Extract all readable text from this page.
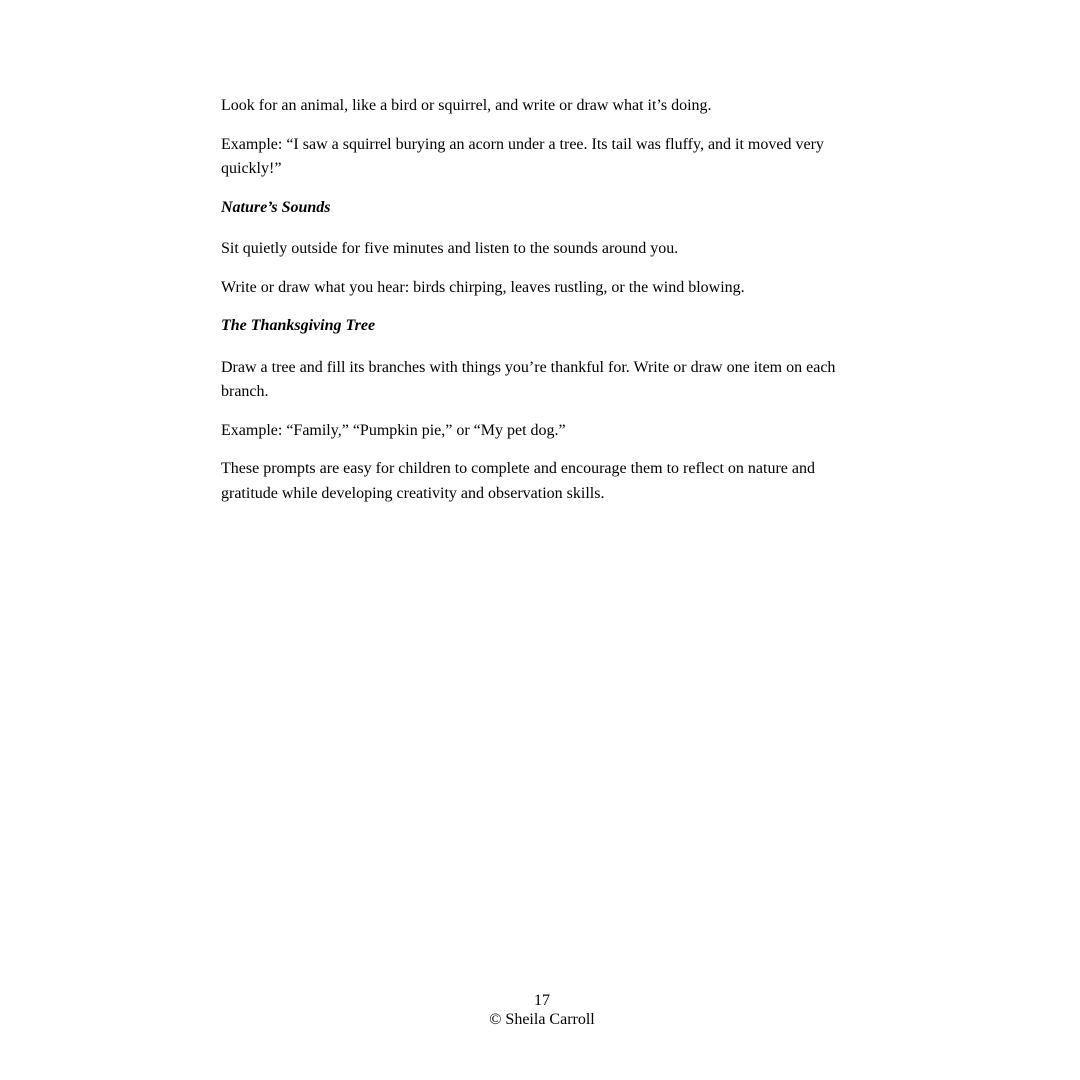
Look for an animal, like a bird or squirrel, and write or draw what it’s doing.

Example: “I saw a squirrel burying an acorn under a tree. Its tail was fluffy, and it moved very quickly!”

Nature’s Sounds

Sit quietly outside for five minutes and listen to the sounds around you.

Write or draw what you hear: birds chirping, leaves rustling, or the wind blowing.

The Thanksgiving Tree

Draw a tree and fill its branches with things you’re thankful for. Write or draw one item on each branch.

Example: “Family,” “Pumpkin pie,” or “My pet dog.”

These prompts are easy for children to complete and encourage them to reflect on nature and gratitude while developing creativity and observation skills.

17
© Sheila Carroll
